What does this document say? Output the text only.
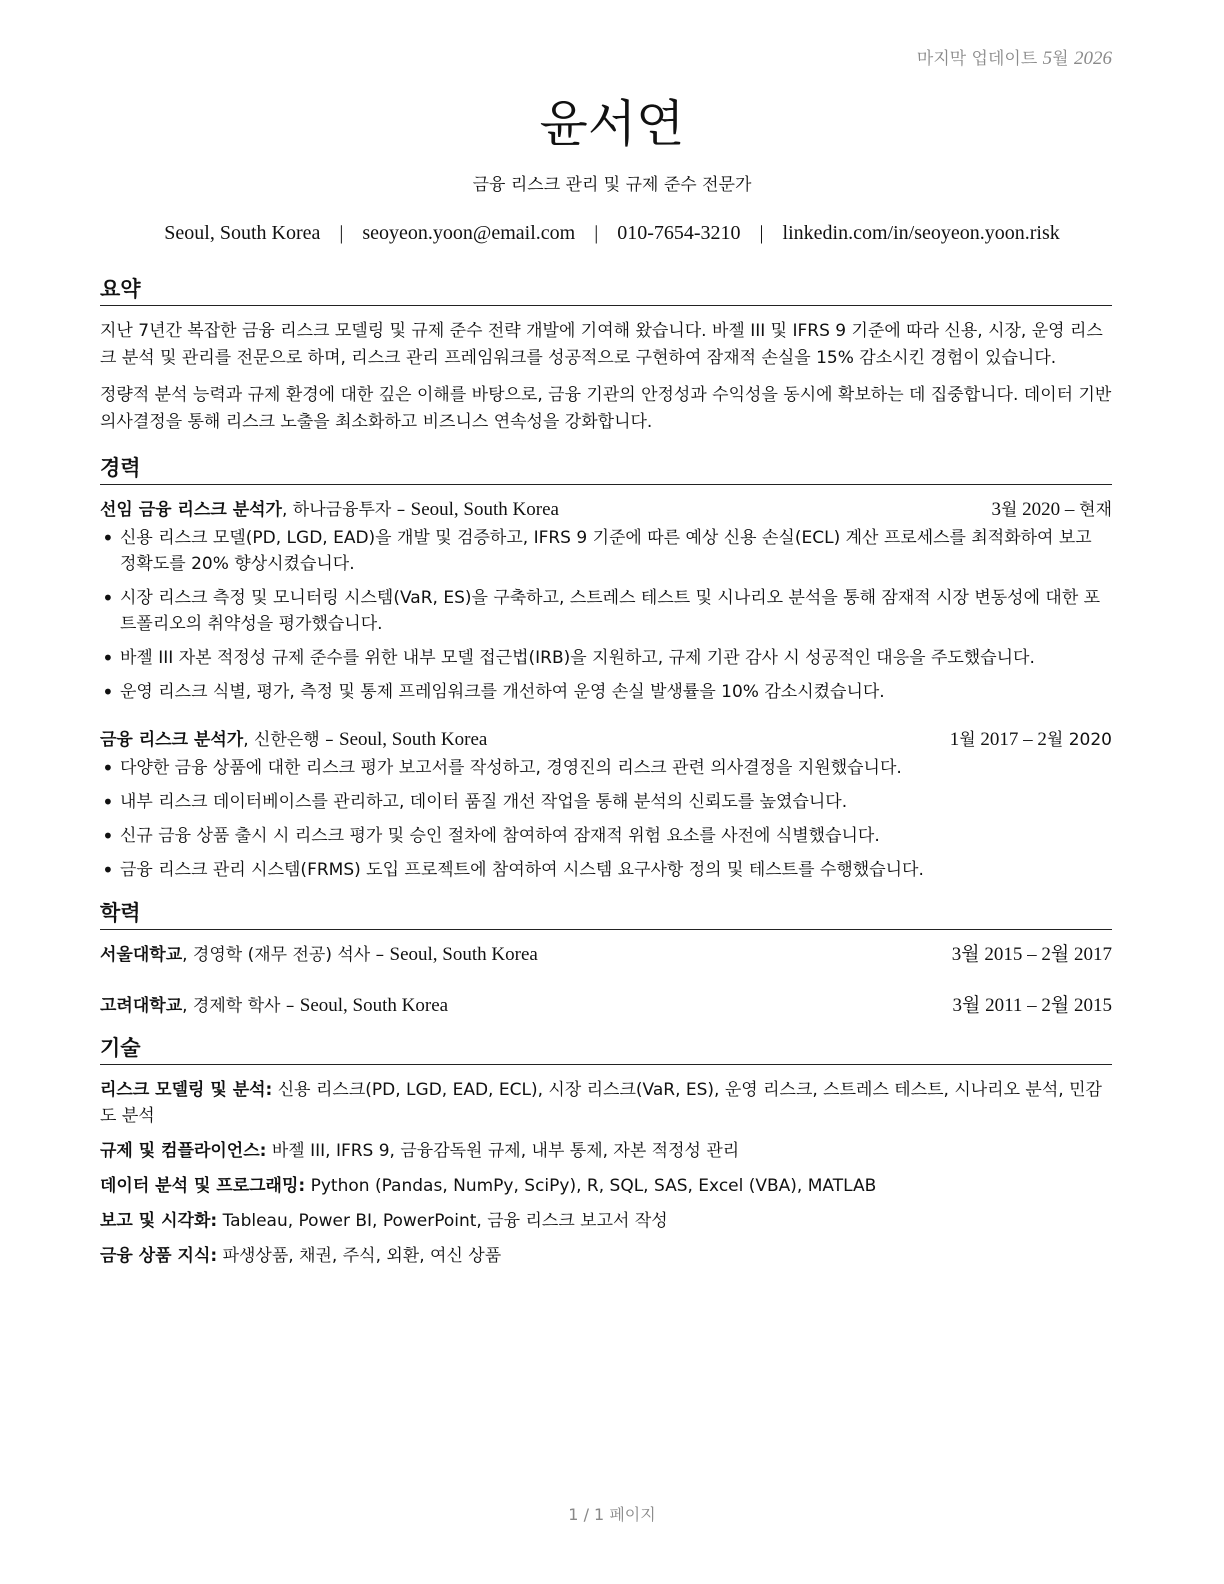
마지막 업데이트 5월 2026
윤서연
금융 리스크 관리 및 규제 준수 전문가
Seoul, South Korea | seoyeon.yoon@email.com | 010-7654-3210 | linkedin.com/in/seoyeon.yoon.risk
요약

지난 7년간 복잡한 금융 리스크 모델링 및 규제 준수 전략 개발에 기여해 왔습니다. 바젤 III 및 IFRS 9 기준에 따라 신용, 시장, 운영 리스크 분석 및 관리를 전문으로 하며, 리스크 관리 프레임워크를 성공적으로 구현하여 잠재적 손실을 15% 감소시킨 경험이 있습니다.

정량적 분석 능력과 규제 환경에 대한 깊은 이해를 바탕으로, 금융 기관의 안정성과 수익성을 동시에 확보하는 데 집중합니다. 데이터 기반 의사결정을 통해 리스크 노출을 최소화하고 비즈니스 연속성을 강화합니다.

경력
선임 금융 리스크 분석가, 하나금융투자 – Seoul, South Korea	3월 2020 – 현재
• 신용 리스크 모델(PD, LGD, EAD)을 개발 및 검증하고, IFRS 9 기준에 따른 예상 신용 손실(ECL) 계산 프로세스를 최적화하여 보고 정확도를 20% 향상시켰습니다.
• 시장 리스크 측정 및 모니터링 시스템(VaR, ES)을 구축하고, 스트레스 테스트 및 시나리오 분석을 통해 잠재적 시장 변동성에 대한 포트폴리오의 취약성을 평가했습니다.
• 바젤 III 자본 적정성 규제 준수를 위한 내부 모델 접근법(IRB)을 지원하고, 규제 기관 감사 시 성공적인 대응을 주도했습니다.
• 운영 리스크 식별, 평가, 측정 및 통제 프레임워크를 개선하여 운영 손실 발생률을 10% 감소시켰습니다.
금융 리스크 분석가, 신한은행 – Seoul, South Korea	1월 2017 – 2월 2020
• 다양한 금융 상품에 대한 리스크 평가 보고서를 작성하고, 경영진의 리스크 관련 의사결정을 지원했습니다.
• 내부 리스크 데이터베이스를 관리하고, 데이터 품질 개선 작업을 통해 분석의 신뢰도를 높였습니다.
• 신규 금융 상품 출시 시 리스크 평가 및 승인 절차에 참여하여 잠재적 위험 요소를 사전에 식별했습니다.
• 금융 리스크 관리 시스템(FRMS) 도입 프로젝트에 참여하여 시스템 요구사항 정의 및 테스트를 수행했습니다.
학력
서울대학교, 경영학 (재무 전공) 석사 – Seoul, South Korea	3월 2015 – 2월 2017
고려대학교, 경제학 학사 – Seoul, South Korea	3월 2011 – 2월 2015
기술
리스크 모델링 및 분석: 신용 리스크(PD, LGD, EAD, ECL), 시장 리스크(VaR, ES), 운영 리스크, 스트레스 테스트, 시나리오 분석, 민감도 분석
규제 및 컴플라이언스: 바젤 III, IFRS 9, 금융감독원 규제, 내부 통제, 자본 적정성 관리
데이터 분석 및 프로그래밍: Python (Pandas, NumPy, SciPy), R, SQL, SAS, Excel (VBA), MATLAB
보고 및 시각화: Tableau, Power BI, PowerPoint, 금융 리스크 보고서 작성
금융 상품 지식: 파생상품, 채권, 주식, 외환, 여신 상품
1 / 1 페이지
